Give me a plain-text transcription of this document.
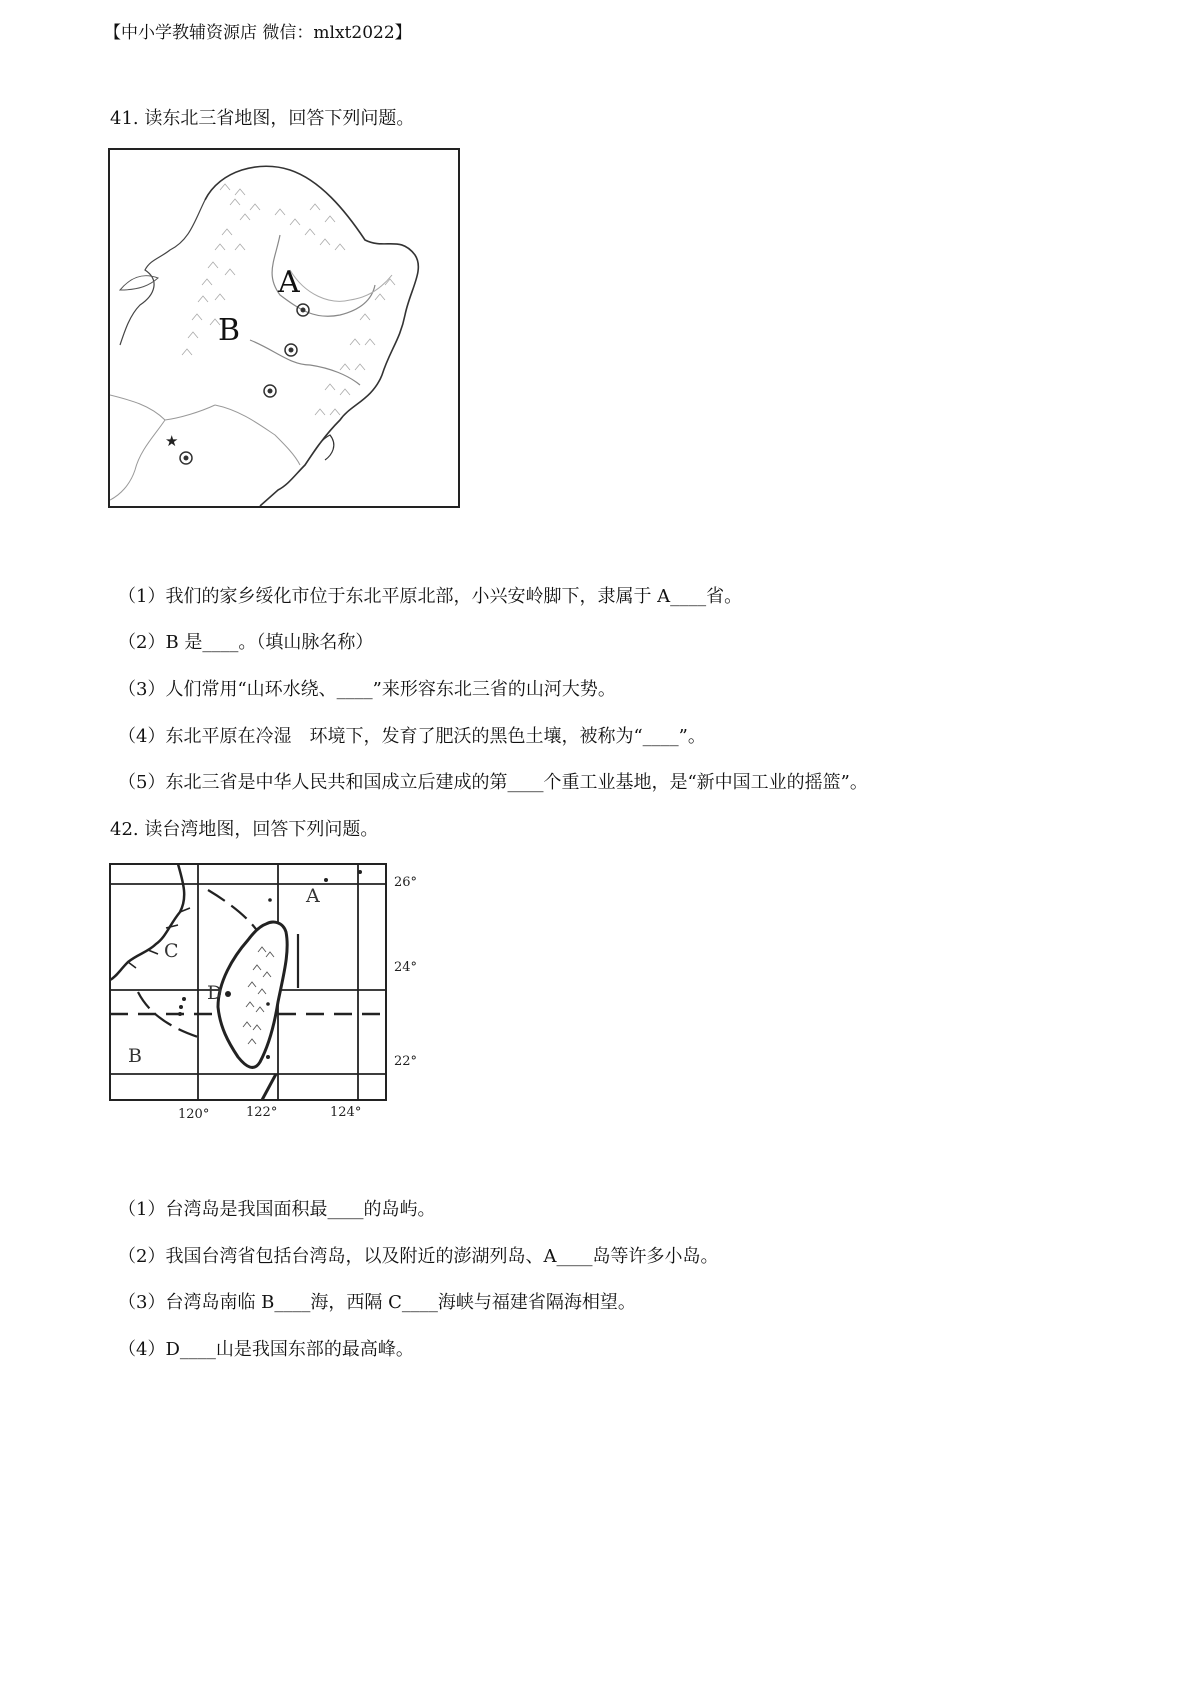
【中小学教辅资源店 微信：mlxt2022】
41. 读东北三省地图，回答下列问题。
★
A
B
（1）我们的家乡绥化市位于东北平原北部，小兴安岭脚下，隶属于 A____省。
（2）B 是____。（填山脉名称）
（3）人们常用“山环水绕、____”来形容东北三省的山河大势。
（4）东北平原在冷湿　环境下，发育了肥沃的黑色土壤，被称为“____”。
（5）东北三省是中华人民共和国成立后建成的第____个重工业基地，是“新中国工业的摇篮”。
42. 读台湾地图，回答下列问题。
A
C
D
B
26°
24°
22°
120°	122°	124°
（1）台湾岛是我国面积最____的岛屿。
（2）我国台湾省包括台湾岛，以及附近的澎湖列岛、A____岛等许多小岛。
（3）台湾岛南临 B____海，西隔 C____海峡与福建省隔海相望。
（4）D____山是我国东部的最高峰。
